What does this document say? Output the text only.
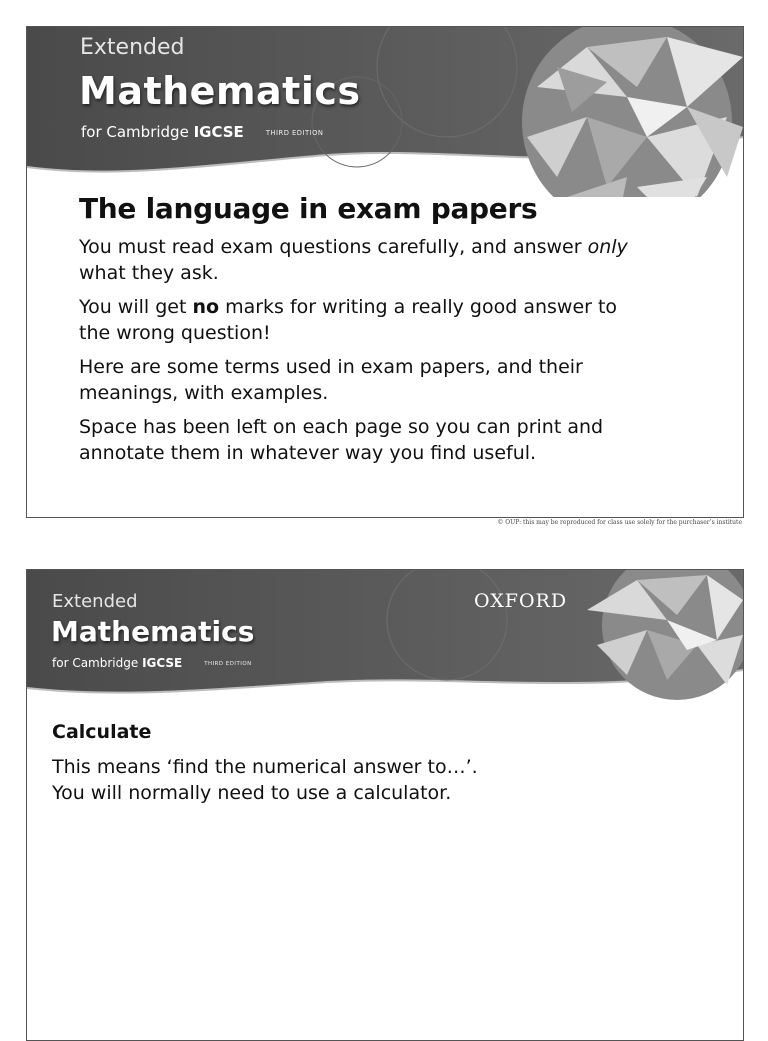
Extended

Mathematics

for Cambridge IGCSE	THIRD EDITION

The language in exam papers

You must read exam questions carefully, and answer only what they ask.

You will get no marks for writing a really good answer to the wrong question!

Here are some terms used in exam papers, and their meanings, with examples.

Space has been left on each page so you can print and annotate them in whatever way you find useful.

© OUP: this may be reproduced for class use solely for the purchaser’s institute

OXFORD

Extended

Mathematics

for Cambridge IGCSE	THIRD EDITION

Calculate

This means ‘find the numerical answer to…’.

You will normally need to use a calculator.
